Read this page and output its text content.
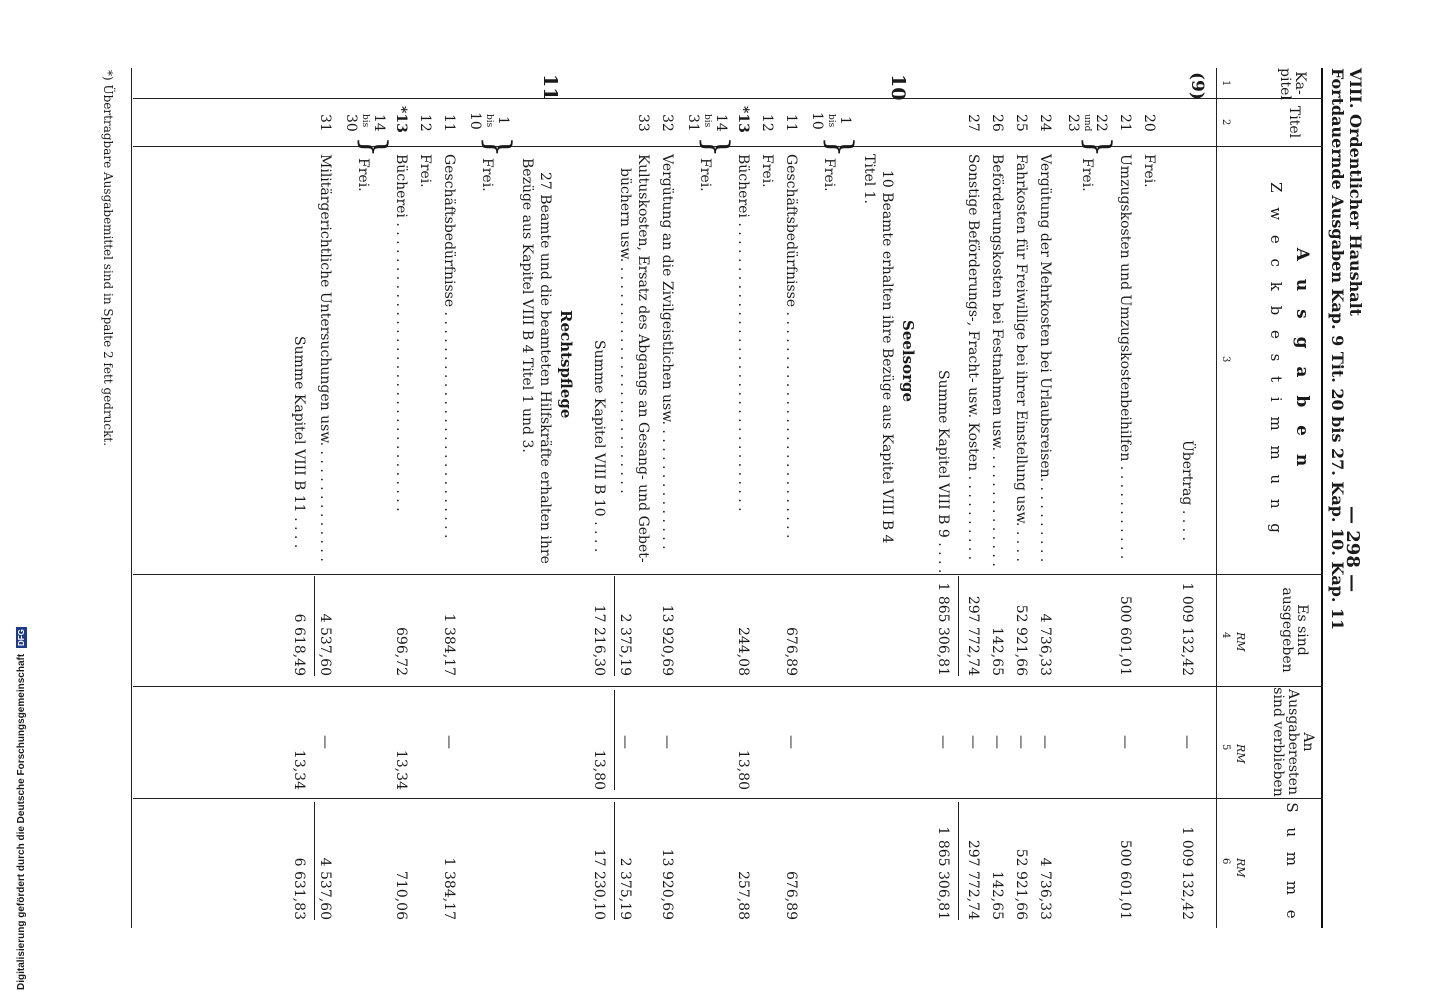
VIII. Ordentlicher Haushalt
Fortdauernde Ausgaben Kap. 9 Tit. 20 bis 27. Kap. 10. Kap. 11
— 298 —
Ka-
pitel
Titel
A u s g a b e n
Z w e c k b e s t i m m u n g
Es sind
ausgegeben
An
Ausgaberesten
sind verblieben
S u m m e
RM
RM
RM
1
2
3
4
5
6
(9)
Übertrag . . . .
1 009 132,42
—
1 009 132,42
20
Frei.
21
Umzugskosten und Umzugskostenbeihilfen . . . . . . . . . . .
500 601,01
—
500 601,01
22
und
23
}
Frei.
24
Vergütung der Mehrkosten bei Urlaubsreisen. . . . . . . . . .
4 736,33
—
4 736,33
25
Fahrkosten für Freiwillige bei ihrer Einstellung usw. . . . .
52 921,66
—
52 921,66
26
Beförderungskosten bei Festnahmen usw. . . . . . . . . . . . . .
142,65
—
142,65
27
Sonstige Beförderungs-, Fracht- usw. Kosten . . . . . . . . . .
297 772,74
—
297 772,74
Summe Kapitel VIII B 9 . . . .
1 865 306,81
—
1 865 306,81
10
Seelsorge
10 Beamte erhalten ihre Bezüge aus Kapitel VIII B 4
Titel 1.
1
bis
10
}
Frei.
11
Geschäftsbedürfnisse . . . . . . . . . . . . . . . . . . . . . . . . . .
676,89
—
676,89
12
Frei.
*13
Bücherei . . . . . . . . . . . . . . . . . . . . . . . . . . . . . . . . .
244,08
13,80
257,88
14
bis
31
}
Frei.
32
Vergütung an die Zivilgeistlichen usw. . . . . . . . . . . . . . .
13 920,69
—
13 920,69
33
Kultuskosten, Ersatz des Abgangs an Gesang- und Gebet-
büchern usw. . . . . . . . . . . . . . . . . . . . . . . . . . .
2 375,19
—
2 375,19
Summe Kapitel VIII B 10 . . . .
17 216,30
13,80
17 230,10
11
Rechtspflege
27 Beamte und die beamteten Hilfskräfte erhalten ihre
Bezüge aus Kapitel VIII B 4 Titel 1 und 3.
1
bis
10
}
Frei.
11
Geschäftsbedürfnisse . . . . . . . . . . . . . . . . . . . . . . . . . .
1 384,17
—
1 384,17
12
Frei.
*13
Bücherei . . . . . . . . . . . . . . . . . . . . . . . . . . . . . . . . .
696,72
13,34
710,06
14
bis
30
}
Frei.
31
Militärgerichtliche Untersuchungen usw. . . . . . . . . . . . . .
4 537,60
—
4 537,60
Summe Kapitel VIII B 11 . . . .
6 618,49
13,34
6 631,83
*) Übertragbare Ausgabemittel sind in Spalte 2 fett gedruckt.
Digitalisierung gefördert durch die Deutsche Forschungsgemeinschaft DFG
